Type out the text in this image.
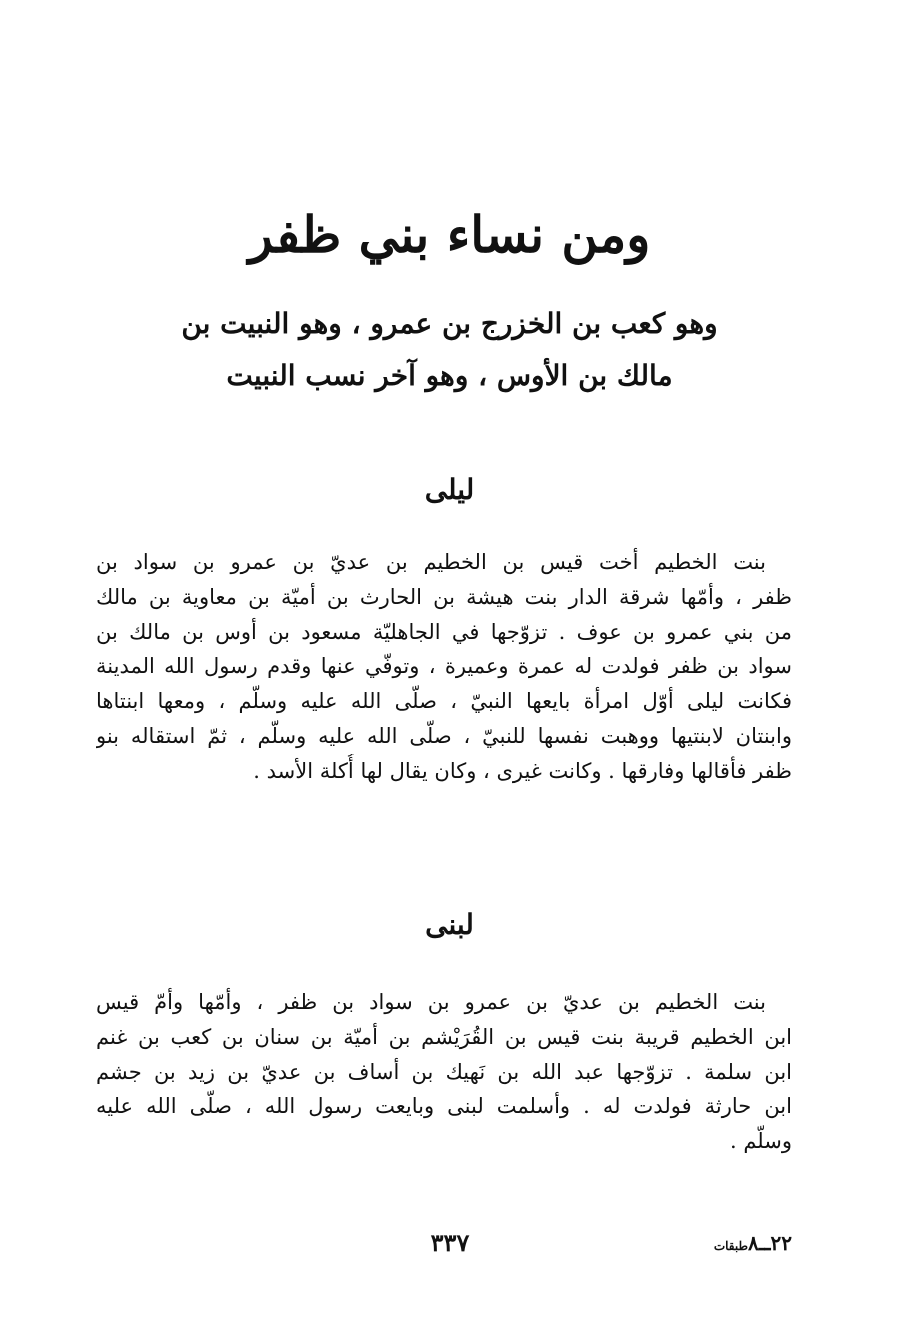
ومن نساء بني ظفر
وهو كعب بن الخزرج بن عمرو ، وهو النبيت بن
مالك بن الأوس ، وهو آخر نسب النبيت
ليلى
بنت الخطيم أخت قيس بن الخطيم بن عديّ بن عمرو بن سواد بن
ظفر ، وأمّها شرقة الدار بنت هيشة بن الحارث بن أميّة بن معاوية بن مالك
من بني عمرو بن عوف . تزوّجها في الجاهليّة مسعود بن أوس بن مالك بن
سواد بن ظفر فولدت له عمرة وعميرة ، وتوفّي عنها وقدم رسول الله المدينة
فكانت ليلى أوّل امرأة بايعها النبيّ ، صلّى الله عليه وسلّم ، ومعها ابنتاها
وابنتان لابنتيها ووهبت نفسها للنبيّ ، صلّى الله عليه وسلّم ، ثمّ استقاله بنو
ظفر فأقالها وفارقها . وكانت غيرى ، وكان يقال لها أُكلة الأسد .
لبنى
بنت الخطيم بن عديّ بن عمرو بن سواد بن ظفر ، وأمّها وأمّ قيس
ابن الخطيم قريبة بنت قيس بن القُرَيْشم بن أميّة بن سنان بن كعب بن غنم
ابن سلمة . تزوّجها عبد الله بن نَهيك بن أساف بن عديّ بن زيد بن جشم
ابن حارثة فولدت له . وأسلمت لبنى وبايعت رسول الله ، صلّى الله عليه
وسلّم .
٣٣٧	٢٢ــ٨طبقات
